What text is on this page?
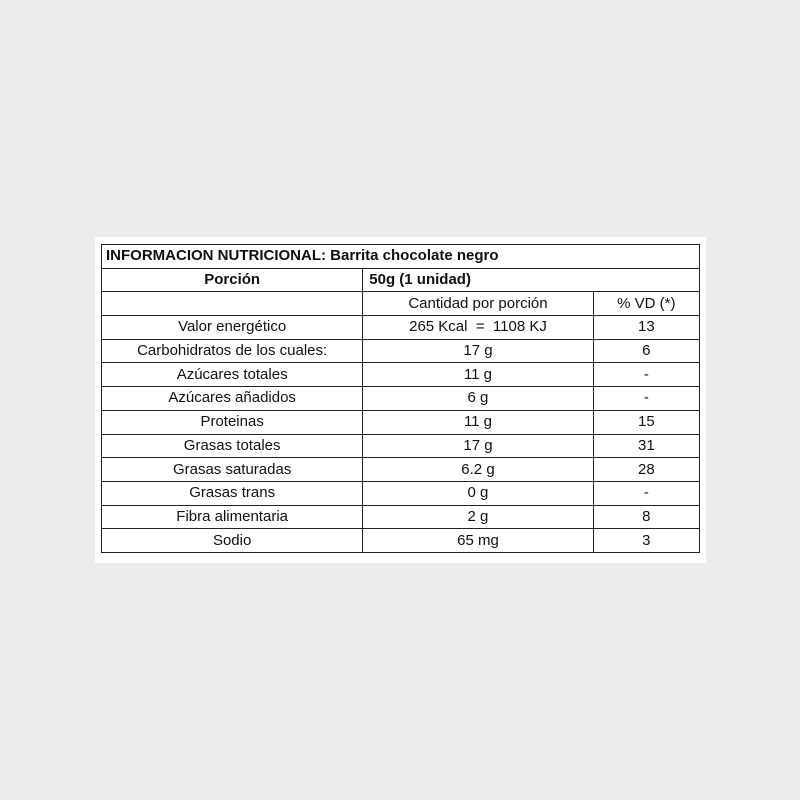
INFORMACION NUTRICIONAL: Barrita chocolate negro		
Porción	50g (1 unidad)	
	Cantidad por porción	% VD (*)
Valor energético	265 Kcal  =  1108 KJ	13
Carbohidratos de los cuales:	17 g	6
Azúcares totales	11 g	-
Azúcares añadidos	6 g	-
Proteinas	11 g	15
Grasas totales	17 g	31
Grasas saturadas	6.2 g	28
Grasas trans	0 g	-
Fibra alimentaria	2 g	8
Sodio	65 mg	3
